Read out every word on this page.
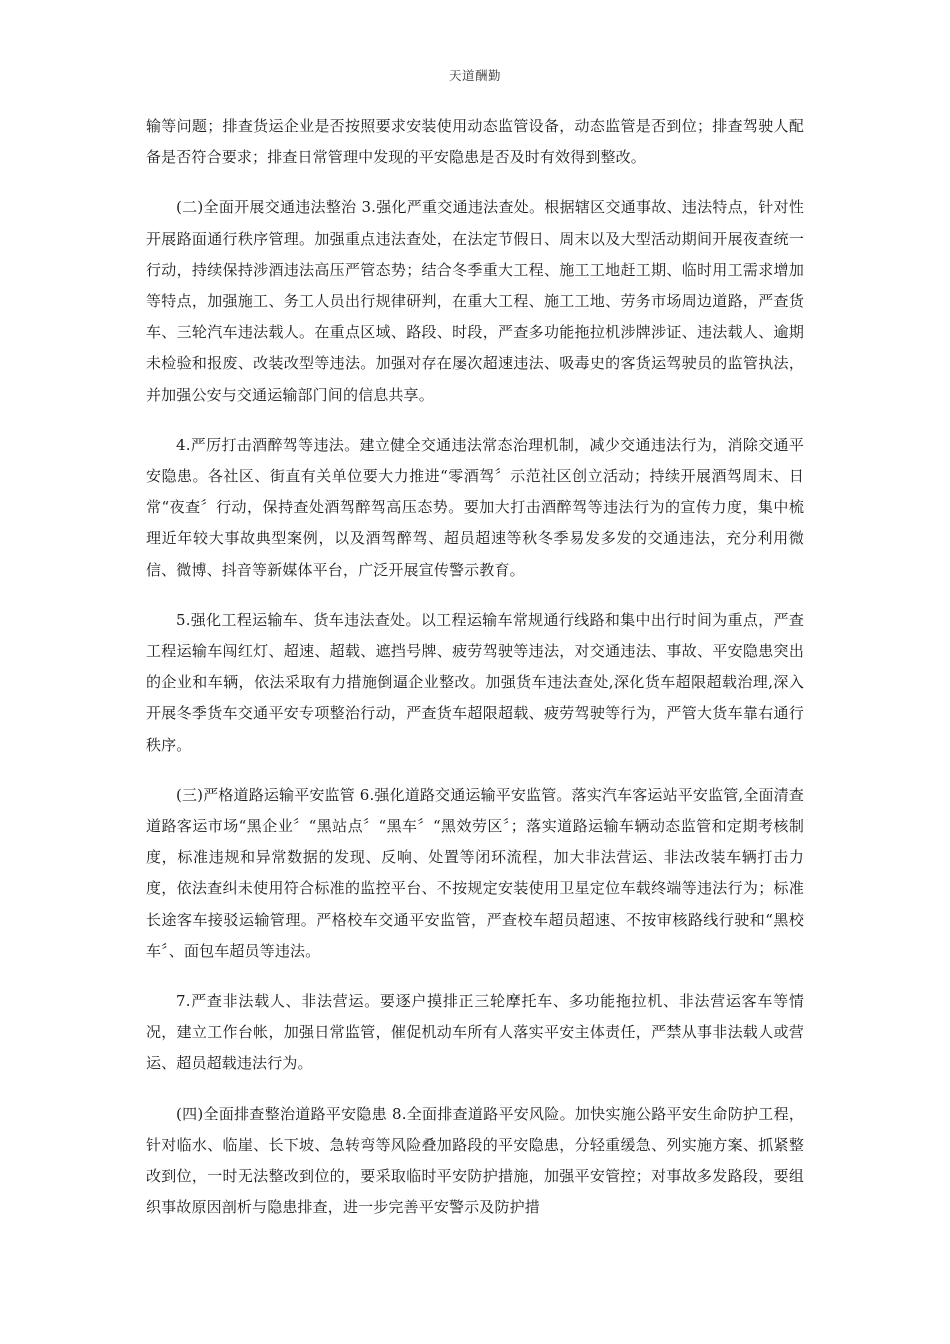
天道酬勤

输等问题；排查货运企业是否按照要求安装使用动态监管设备，动态监管是否到位；排查驾驶人配备是否符合要求；排查日常管理中发现的平安隐患是否及时有效得到整改。

(二)全面开展交通违法整治 3.强化严重交通违法查处。根据辖区交通事故、违法特点，针对性开展路面通行秩序管理。加强重点违法查处，在法定节假日、周末以及大型活动期间开展夜查统一行动，持续保持涉酒违法高压严管态势；结合冬季重大工程、施工工地赶工期、临时用工需求增加等特点，加强施工、务工人员出行规律研判，在重大工程、施工工地、劳务市场周边道路，严查货车、三轮汽车违法载人。在重点区域、路段、时段，严查多功能拖拉机涉牌涉证、违法载人、逾期未检验和报废、改装改型等违法。加强对存在屡次超速违法、吸毒史的客货运驾驶员的监管执法，并加强公安与交通运输部门间的信息共享。

4.严厉打击酒醉驾等违法。建立健全交通违法常态治理机制，减少交通违法行为，消除交通平安隐患。各社区、街直有关单位要大力推进“零酒驾〞示范社区创立活动；持续开展酒驾周末、日常“夜查〞行动，保持查处酒驾醉驾高压态势。要加大打击酒醉驾等违法行为的宣传力度，集中梳理近年较大事故典型案例，以及酒驾醉驾、超员超速等秋冬季易发多发的交通违法，充分利用微信、微博、抖音等新媒体平台，广泛开展宣传警示教育。

5.强化工程运输车、货车违法查处。以工程运输车常规通行线路和集中出行时间为重点，严查工程运输车闯红灯、超速、超载、遮挡号牌、疲劳驾驶等违法，对交通违法、事故、平安隐患突出的企业和车辆，依法采取有力措施倒逼企业整改。加强货车违法查处,深化货车超限超载治理,深入开展冬季货车交通平安专项整治行动，严查货车超限超载、疲劳驾驶等行为，严管大货车靠右通行秩序。

(三)严格道路运输平安监管 6.强化道路交通运输平安监管。落实汽车客运站平安监管,全面清查道路客运市场“黑企业〞“黑站点〞“黑车〞“黑效劳区〞；落实道路运输车辆动态监管和定期考核制度，标准违规和异常数据的发现、反响、处置等闭环流程，加大非法营运、非法改装车辆打击力度，依法查纠未使用符合标准的监控平台、不按规定安装使用卫星定位车载终端等违法行为；标准长途客车接驳运输管理。严格校车交通平安监管，严查校车超员超速、不按审核路线行驶和“黑校车〞、面包车超员等违法。

7.严查非法载人、非法营运。要逐户摸排正三轮摩托车、多功能拖拉机、非法营运客车等情况，建立工作台帐，加强日常监管，催促机动车所有人落实平安主体责任，严禁从事非法载人或营运、超员超载违法行为。

(四)全面排查整治道路平安隐患 8.全面排查道路平安风险。加快实施公路平安生命防护工程，针对临水、临崖、长下坡、急转弯等风险叠加路段的平安隐患，分轻重缓急、列实施方案、抓紧整改到位，一时无法整改到位的，要采取临时平安防护措施，加强平安管控；对事故多发路段，要组织事故原因剖析与隐患排查，进一步完善平安警示及防护措
